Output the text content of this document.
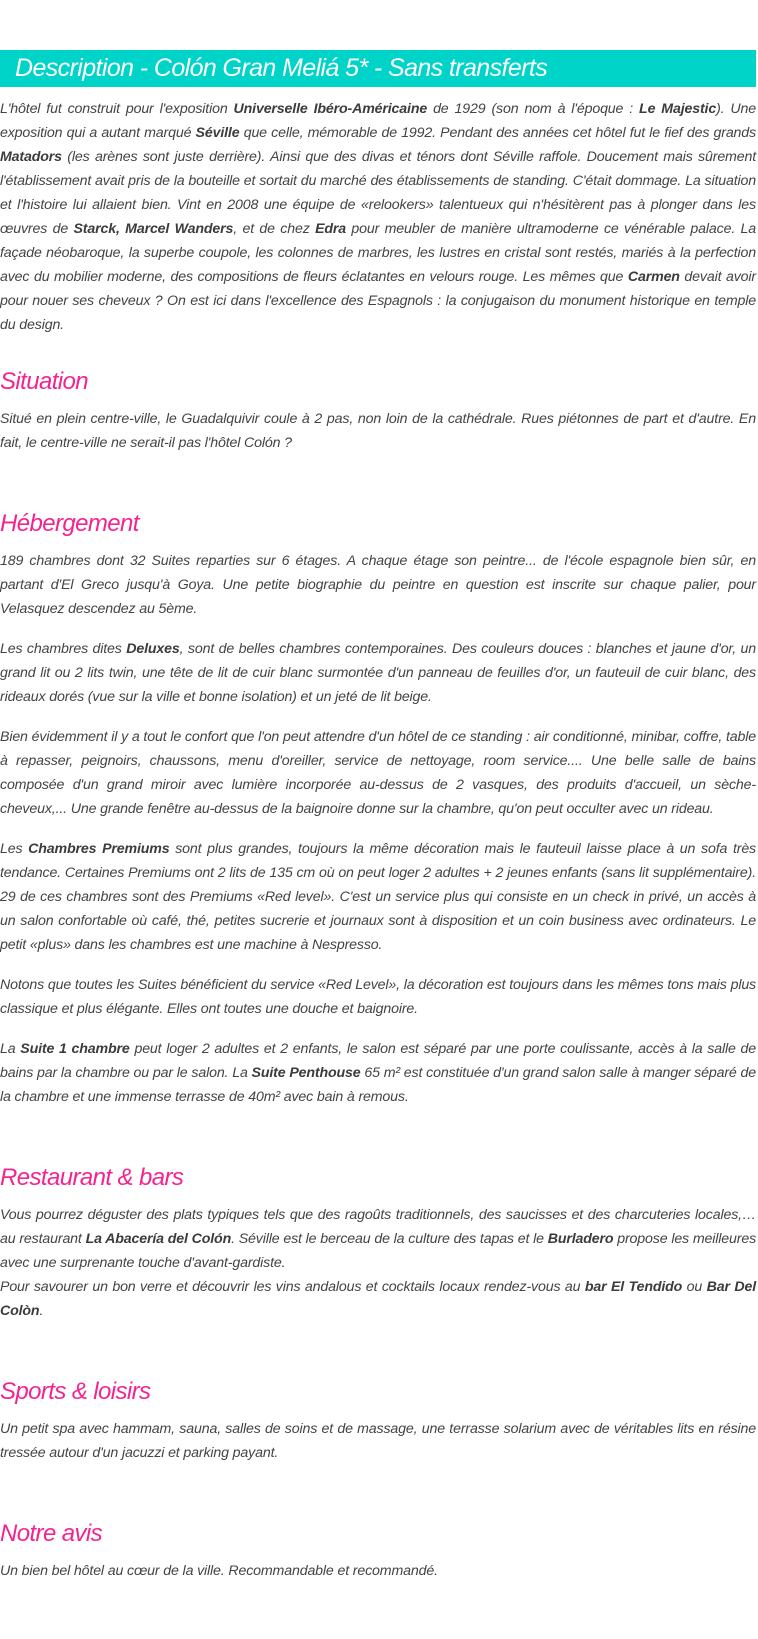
Description - Colón Gran Meliá 5* - Sans transferts

L'hôtel fut construit pour l'exposition Universelle Ibéro-Américaine de 1929 (son nom à l'époque : Le Majestic). Une exposition qui a autant marqué Séville que celle, mémorable de 1992. Pendant des années cet hôtel fut le fief des grands Matadors (les arènes sont juste derrière). Ainsi que des divas et ténors dont Séville raffole. Doucement mais sûrement l'établissement avait pris de la bouteille et sortait du marché des établissements de standing. C'était dommage. La situation et l'histoire lui allaient bien. Vint en 2008 une équipe de «relookers» talentueux qui n'hésitèrent pas à plonger dans les œuvres de Starck, Marcel Wanders, et de chez Edra pour meubler de manière ultramoderne ce vénérable palace. La façade néobaroque, la superbe coupole, les colonnes de marbres, les lustres en cristal sont restés, mariés à la perfection avec du mobilier moderne, des compositions de fleurs éclatantes en velours rouge. Les mêmes que Carmen devait avoir pour nouer ses cheveux ? On est ici dans l'excellence des Espagnols : la conjugaison du monument historique en temple du design.

Situation

Situé en plein centre-ville, le Guadalquivir coule à 2 pas, non loin de la cathédrale. Rues piétonnes de part et d'autre. En fait, le centre-ville ne serait-il pas l'hôtel Colón ?

Hébergement

189 chambres dont 32 Suites reparties sur 6 étages. A chaque étage son peintre... de l'école espagnole bien sûr, en partant d'El Greco jusqu'à Goya. Une petite biographie du peintre en question est inscrite sur chaque palier, pour Velasquez descendez au 5ème.

Les chambres dites Deluxes, sont de belles chambres contemporaines. Des couleurs douces : blanches et jaune d'or, un grand lit ou 2 lits twin, une tête de lit de cuir blanc surmontée d'un panneau de feuilles d'or, un fauteuil de cuir blanc, des rideaux dorés (vue sur la ville et bonne isolation) et un jeté de lit beige.

Bien évidemment il y a tout le confort que l'on peut attendre d'un hôtel de ce standing : air conditionné, minibar, coffre, table à repasser, peignoirs, chaussons, menu d'oreiller, service de nettoyage, room service.... Une belle salle de bains composée d'un grand miroir avec lumière incorporée au-dessus de 2 vasques, des produits d'accueil, un sèche- cheveux,... Une grande fenêtre au-dessus de la baignoire donne sur la chambre, qu'on peut occulter avec un rideau.

Les Chambres Premiums sont plus grandes, toujours la même décoration mais le fauteuil laisse place à un sofa très tendance. Certaines Premiums ont 2 lits de 135 cm où on peut loger 2 adultes + 2 jeunes enfants (sans lit supplémentaire). 29 de ces chambres sont des Premiums «Red level». C'est un service plus qui consiste en un check in privé, un accès à un salon confortable où café, thé, petites sucrerie et journaux sont à disposition et un coin business avec ordinateurs. Le petit «plus» dans les chambres est une machine à Nespresso.

Notons que toutes les Suites bénéficient du service «Red Level», la décoration est toujours dans les mêmes tons mais plus classique et plus élégante. Elles ont toutes une douche et baignoire.

La Suite 1 chambre peut loger 2 adultes et 2 enfants, le salon est séparé par une porte coulissante, accès à la salle de bains par la chambre ou par le salon. La Suite Penthouse 65 m² est constituée d'un grand salon salle à manger séparé de la chambre et une immense terrasse de 40m² avec bain à remous.

Restaurant & bars

Vous pourrez déguster des plats typiques tels que des ragoûts traditionnels, des saucisses et des charcuteries locales,… au restaurant La Abacería del Colón. Séville est le berceau de la culture des tapas et le Burladero propose les meilleures avec une surprenante touche d'avant-gardiste.
Pour savourer un bon verre et découvrir les vins andalous et cocktails locaux rendez-vous au bar El Tendido ou Bar Del Colòn.

Sports & loisirs

Un petit spa avec hammam, sauna, salles de soins et de massage, une terrasse solarium avec de véritables lits en résine tressée autour d'un jacuzzi et parking payant.

Notre avis

Un bien bel hôtel au cœur de la ville. Recommandable et recommandé.
